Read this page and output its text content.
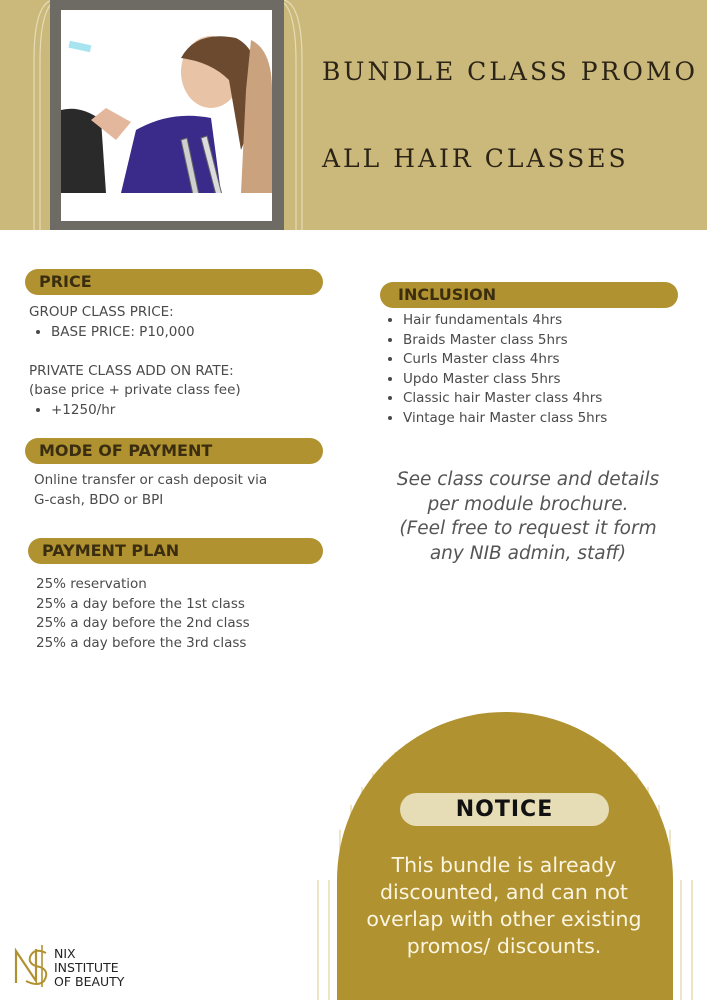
BUNDLE CLASS PROMO
ALL HAIR CLASSES
PRICE
GROUP CLASS PRICE:
• BASE PRICE: P10,000
PRIVATE CLASS ADD ON RATE:
(base price + private class fee)
• +1250/hr
MODE OF PAYMENT
Online transfer or cash deposit via
G-cash, BDO or BPI
PAYMENT PLAN
25% reservation
25% a day before the 1st class
25% a day before the 2nd class
25% a day before the 3rd class
INCLUSION
• Hair fundamentals 4hrs
• Braids Master class 5hrs
• Curls Master class 4hrs
• Updo Master class 5hrs
• Classic hair Master class 4hrs
• Vintage hair Master class 5hrs
See class course and details
per module brochure.
(Feel free to request it form
any NIB admin, staff)
NOTICE
This bundle is already
discounted, and can not
overlap with other existing
promos/ discounts.
NIX
INSTITUTE
OF BEAUTY
